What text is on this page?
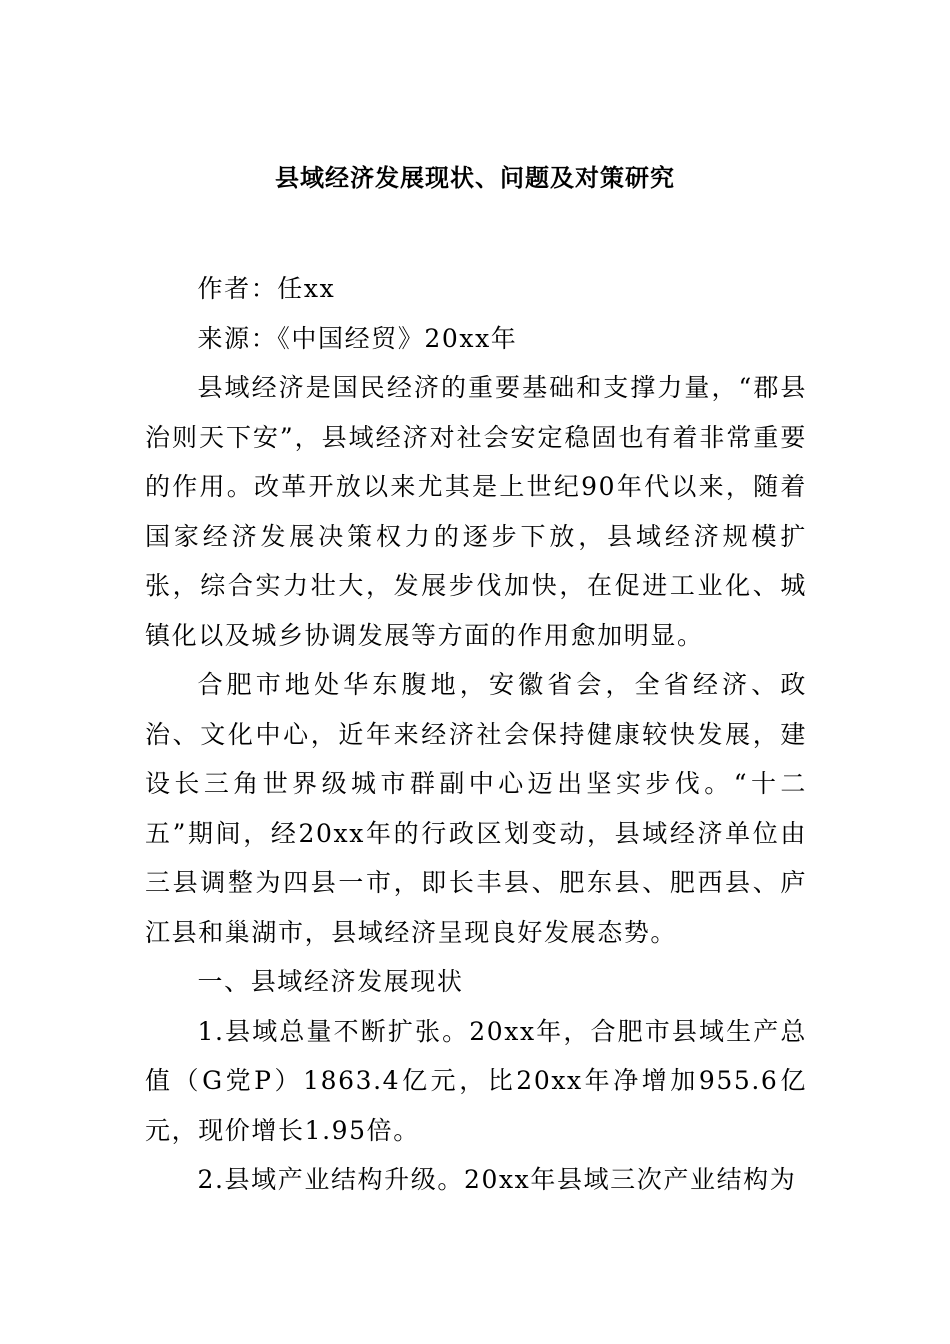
县域经济发展现状、问题及对策研究

作者：任xx

来源：《中国经贸》20xx年

县域经济是国民经济的重要基础和支撑力量，“郡县治则天下安”，县域经济对社会安定稳固也有着非常重要的作用。改革开放以来尤其是上世纪90年代以来，随着国家经济发展决策权力的逐步下放，县域经济规模扩张，综合实力壮大，发展步伐加快，在促进工业化、城镇化以及城乡协调发展等方面的作用愈加明显。

合肥市地处华东腹地，安徽省会，全省经济、政治、文化中心，近年来经济社会保持健康较快发展，建设长三角世界级城市群副中心迈出坚实步伐。“十二五”期间，经20xx年的行政区划变动，县域经济单位由三县调整为四县一市，即长丰县、肥东县、肥西县、庐江县和巢湖市，县域经济呈现良好发展态势。

一、县域经济发展现状

1.县域总量不断扩张。20xx年，合肥市县域生产总值（G党P）1863.4亿元，比20xx年净增加955.6亿元，现价增长1.95倍。

2.县域产业结构升级。20xx年县域三次产业结构为
